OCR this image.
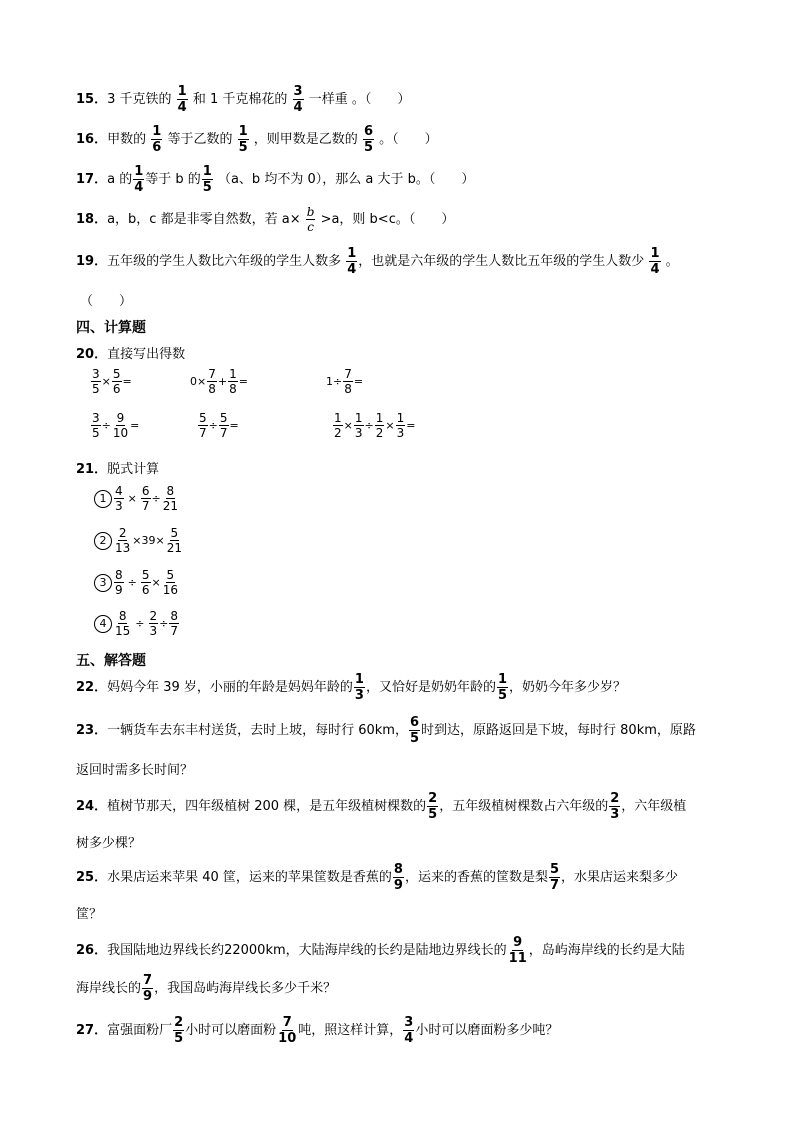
15．3 千克铁的 $\frac{1}{4}$ 和 1 千克棉花的 $\frac{3}{4}$ 一样重 。（　　）
16．甲数的 $\frac{1}{6}$ 等于乙数的 $\frac{1}{5}$ ，则甲数是乙数的 $\frac{6}{5}$ 。（　　）
17．a 的 $\frac{1}{4}$ 等于 b 的 $\frac{1}{5} (a$、b 均不为 0），那么 a 大于 b。（　　）
18．a，b，c 都是非零自然数，若 $a\times \frac{b}{c} >a$，则 b<c。（　　）
19．五年级的学生人数比六年级的学生人数多 $\frac{1}{4}$ ，也就是六年级的学生人数比五年级的学生人数少 $\frac{1}{4}$ 。
（　　）
四、计算题
20．直接写出得数
$\frac{3}{5} \times \frac{5}{6}$ =	$0\times \frac{7}{8} + \frac{1}{8}$ =	$1\div \frac{7}{8}$ =
$\frac{3}{5} \div \frac{9}{10}$ =	$\frac{5}{7} \div \frac{5}{7}$ =	$\frac{1}{2} \times \frac{1}{3} \div \frac{1}{2} \times \frac{1}{3}$ =
21．脱式计算
$1 \frac{4}{3} \times \frac{6}{7} \div \frac{8}{21}$
$2 \frac{2}{13} \times 39\times \frac{5}{21}$
$3 \frac{8}{9} \div \frac{5}{6} \times \frac{5}{16}$
$4 \frac{8}{15} \div \frac{2}{3} \div \frac{8}{7}$
五、解答题
22．妈妈今年 39 岁，小丽的年龄是妈妈年龄的 $\frac{1}{3}$ ，又恰好是奶奶年龄的 $\frac{1}{5}$ ，奶奶今年多少岁？
23．一辆货车去东丰村送货，去时上坡，每时行 60km， $\frac{6}{5}$ 时到达，原路返回是下坡，每时行 80km，原路
返回时需多长时间？
24．植树节那天，四年级植树 200 棵，是五年级植树棵数的 $\frac{2}{5}$ ，五年级植树棵数占六年级的 $\frac{2}{3}$ ，六年级植
树多少棵？
25．水果店运来苹果 40 筐，运来的苹果筐数是香蕉的 $\frac{8}{9}$ ，运来的香蕉的筐数是梨 $\frac{5}{7}$ ，水果店运来梨多少
筐？
26．我国陆地边界线长约22000km，大陆海岸线的长约是陆地边界线长的 $\frac{9}{11}$ ，岛屿海岸线的长约是大陆
海岸线长的 $\frac{7}{9}$ ，我国岛屿海岸线长多少千米？
27．富强面粉厂 $\frac{2}{5}$ 小时可以磨面粉 $\frac{7}{10}$ 吨，照这样计算， $\frac{3}{4}$ 小时可以磨面粉多少吨？
